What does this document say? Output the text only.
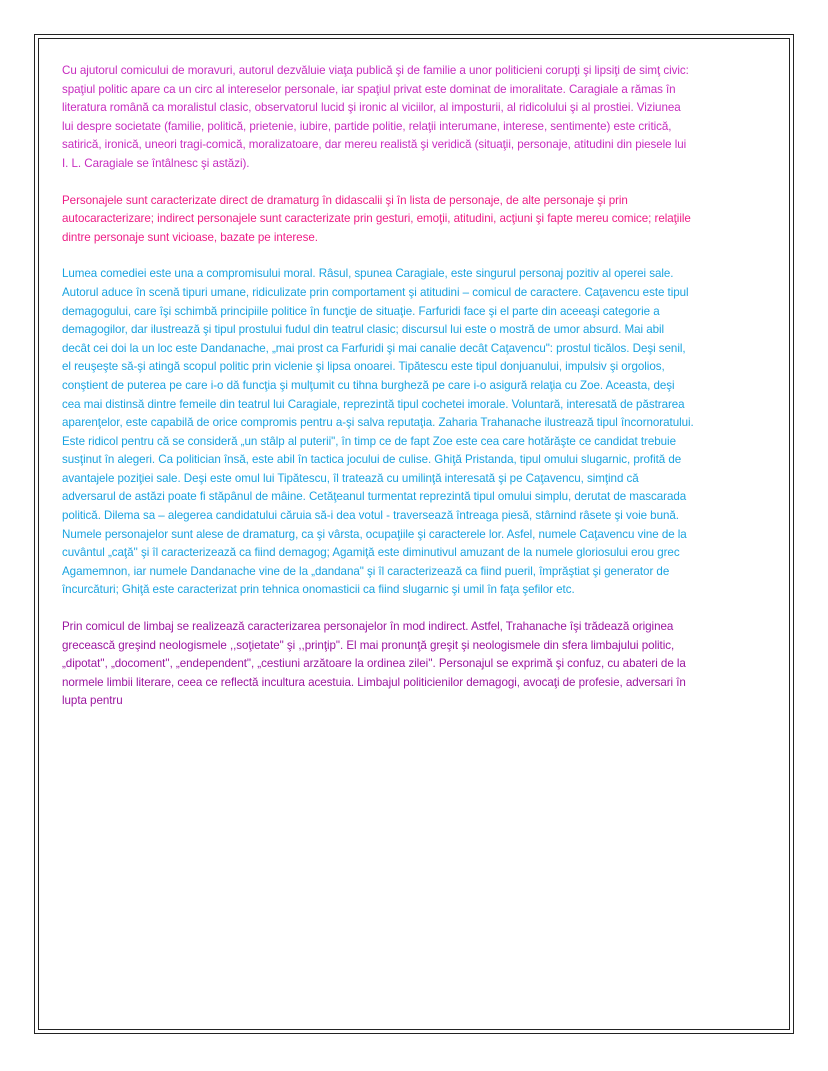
Cu ajutorul comicului de moravuri, autorul dezvăluie viaţa publică şi de familie a unor politicieni corupţi şi lipsiţi de simţ civic: spaţiul politic apare ca un circ al intereselor personale, iar spaţiul privat este dominat de imoralitate. Caragiale a rămas în literatura română ca moralistul clasic, observatorul lucid şi ironic al viciilor, al imposturii, al ridicolului şi al prostiei. Viziunea lui despre societate (familie, politică, prietenie, iubire, partide politie, relaţii interumane, interese, sentimente) este critică, satirică, ironică, uneori tragi-comică, moralizatoare, dar mereu realistă şi veridică (situaţii, personaje, atitudini din piesele lui I. L. Caragiale se întâlnesc şi astăzi).

Personajele sunt caracterizate direct de dramaturg în didascalii şi în lista de personaje, de alte personaje şi prin autocaracterizare; indirect personajele sunt caracterizate prin gesturi, emoţii, atitudini, acţiuni şi fapte mereu comice; relaţiile dintre personaje sunt vicioase, bazate pe interese.

Lumea comediei este una a compromisului moral. Râsul, spunea Caragiale, este singurul personaj pozitiv al operei sale. Autorul aduce în scenă tipuri umane, ridiculizate prin comportament şi atitudini – comicul de caractere. Caţavencu este tipul demagogului, care îşi schimbă principiile politice în funcţie de situaţie. Farfuridi face şi el parte din aceeaşi categorie a demagogilor, dar ilustrează şi tipul prostului fudul din teatrul clasic; discursul lui este o mostră de umor absurd. Mai abil decât cei doi la un loc este Dandanache, „mai prost ca Farfuridi şi mai canalie decât Caţavencu": prostul ticălos. Deşi senil, el reuşeşte să-şi atingă scopul politic prin viclenie şi lipsa onoarei. Tipătescu este tipul donjuanului, impulsiv şi orgolios, conştient de puterea pe care i-o dă funcţia şi mulţumit cu tihna burgheză pe care i-o asigură relaţia cu Zoe. Aceasta, deşi cea mai distinsă dintre femeile din teatrul lui Caragiale, reprezintă tipul cochetei imorale. Voluntară, interesată de păstrarea aparenţelor, este capabilă de orice compromis pentru a-şi salva reputaţia. Zaharia Trahanache ilustrează tipul încornoratului. Este ridicol pentru că se consideră „un stâlp al puterii", în timp ce de fapt Zoe este cea care hotărăşte ce candidat trebuie susţinut în alegeri. Ca politician însă, este abil în tactica jocului de culise. Ghiţă Pristanda, tipul omului slugarnic, profită de avantajele poziţiei sale. Deşi este omul lui Tipătescu, îl tratează cu umilinţă interesată şi pe Caţavencu, simţind că adversarul de astăzi poate fi stăpânul de mâine. Cetăţeanul turmentat reprezintă tipul omului simplu, derutat de mascarada politică. Dilema sa – alegerea candidatului căruia să-i dea votul - traversează întreaga piesă, stârnind râsete şi voie bună.

Numele personajelor sunt alese de dramaturg, ca şi vârsta, ocupaţiile şi caracterele lor. Asfel, numele Caţavencu vine de la cuvântul „caţă'' şi îl caracterizează ca fiind demagog; Agamiţă este diminutivul amuzant de la numele gloriosului erou grec Agamemnon, iar numele Dandanache vine de la „dandana" şi îl caracterizează ca fiind pueril, împrăştiat şi generator de încurcături; Ghiţă este caracterizat prin tehnica onomasticii ca fiind slugarnic şi umil în faţa şefilor etc.

Prin comicul de limbaj se realizează caracterizarea personajelor în mod indirect. Astfel, Trahanache îşi trădează originea grecească greşind neologismele ,,soţietate" şi ,,prinţip". El mai pronunţă greşit şi neologismele din sfera limbajului politic, „dipotat'', „docoment'', „endependent", „cestiuni arzătoare la ordinea zilei''. Personajul se exprimă şi confuz, cu abateri de la normele limbii literare, ceea ce reflectă incultura acestuia. Limbajul politicienilor demagogi, avocaţi de profesie, adversari în lupta pentru
